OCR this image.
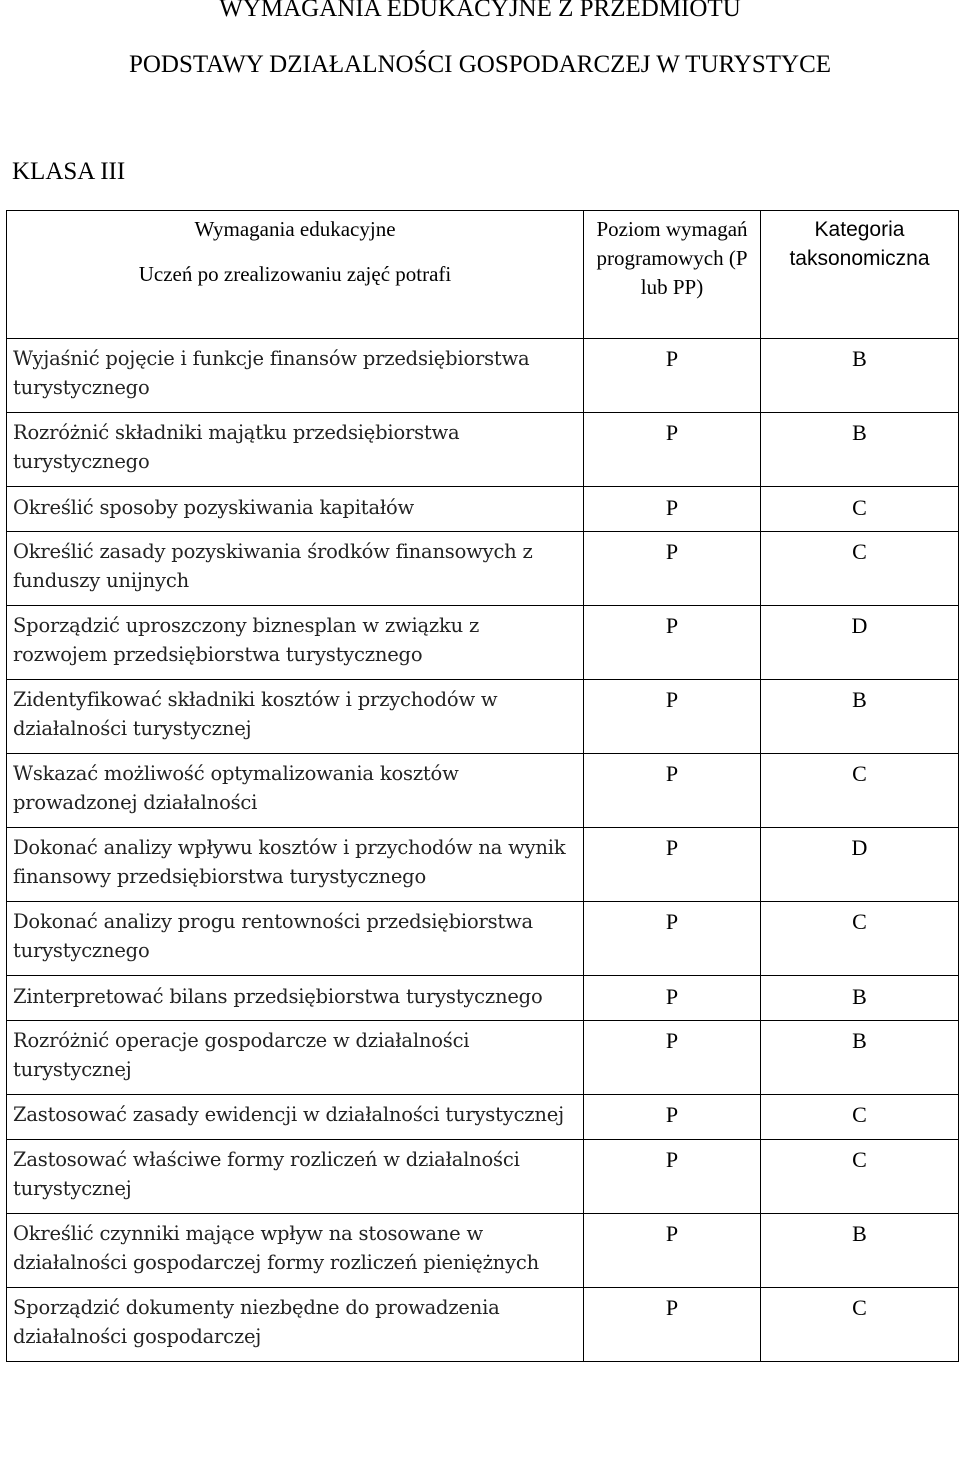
WYMAGANIA EDUKACYJNE Z PRZEDMIOTU
PODSTAWY DZIAŁALNOŚCI GOSPODARCZEJ W TURYSTYCE
KLASA III
Wymagania edukacyjne
Uczeń po zrealizowaniu zajęć potrafi	Poziom wymagań programowych (P lub PP)	Kategoria taksonomiczna
Wyjaśnić pojęcie i funkcje finansów przedsiębiorstwa turystycznego	P	B
Rozróżnić składniki majątku przedsiębiorstwa turystycznego	P	B
Określić sposoby pozyskiwania kapitałów	P	C
Określić zasady pozyskiwania środków finansowych z funduszy unijnych	P	C
Sporządzić uproszczony biznesplan w związku z rozwojem przedsiębiorstwa turystycznego	P	D
Zidentyfikować składniki kosztów i przychodów w działalności turystycznej	P	B
Wskazać możliwość optymalizowania kosztów prowadzonej działalności	P	C
Dokonać analizy wpływu kosztów i przychodów na wynik finansowy przedsiębiorstwa turystycznego	P	D
Dokonać analizy progu rentowności przedsiębiorstwa turystycznego	P	C
Zinterpretować bilans przedsiębiorstwa turystycznego	P	B
Rozróżnić operacje gospodarcze w działalności turystycznej	P	B
Zastosować zasady ewidencji w działalności turystycznej	P	C
Zastosować właściwe formy rozliczeń w działalności turystycznej	P	C
Określić czynniki mające wpływ na stosowane w działalności gospodarczej formy rozliczeń pieniężnych	P	B
Sporządzić dokumenty niezbędne do prowadzenia działalności gospodarczej	P	C
